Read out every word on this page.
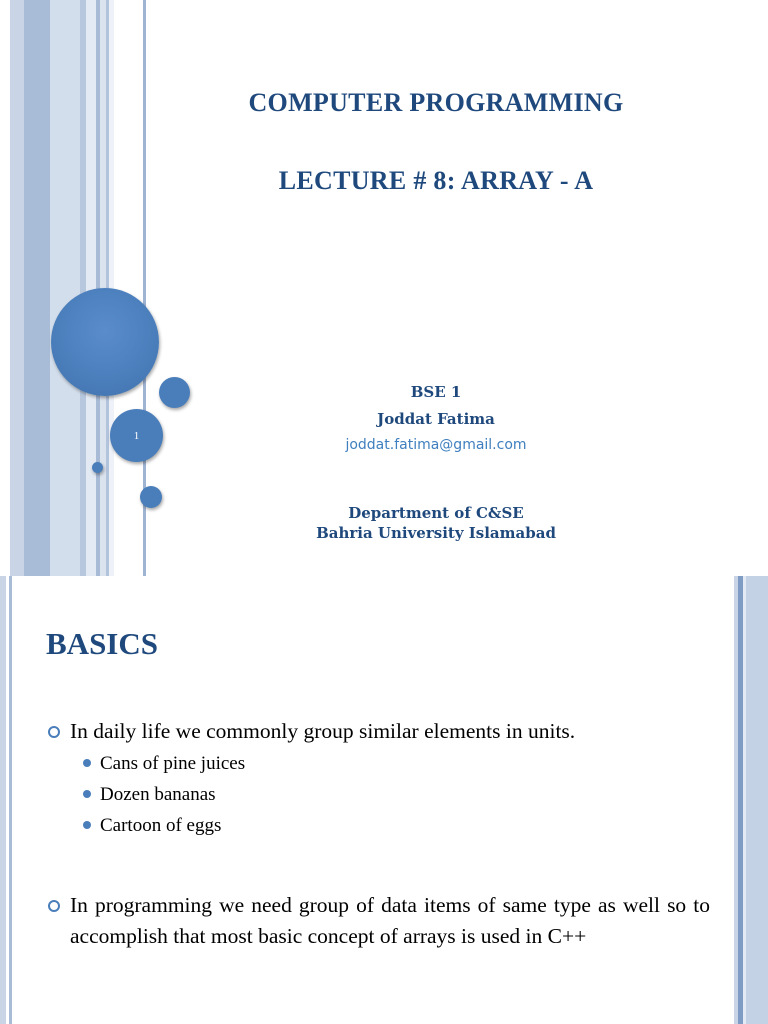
1
COMPUTER PROGRAMMING
LECTURE # 8: ARRAY - A
BSE 1
Joddat Fatima
joddat.fatima@gmail.com
Department of C&SE
Bahria University Islamabad
BASICS
In daily life we commonly group similar elements in units.
Cans of pine juices
Dozen bananas
Cartoon of eggs
In programming we need group of data items of same type as well so to accomplish that most basic concept of arrays is used in C++
